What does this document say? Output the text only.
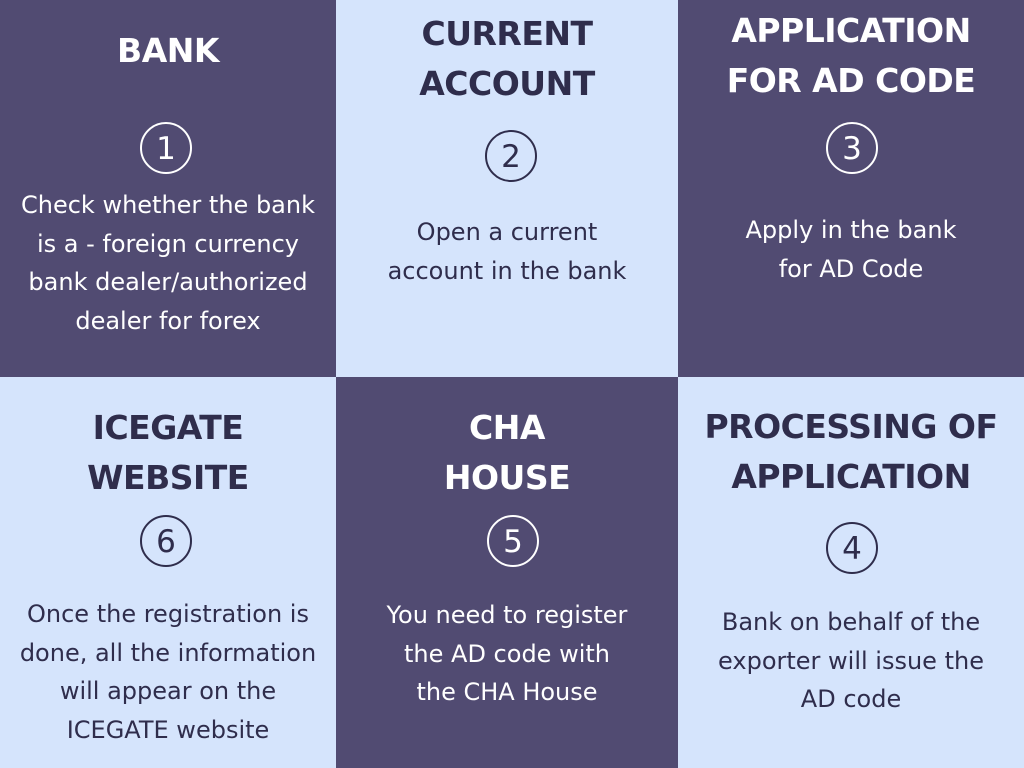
BANK
1
Check whether the bank
is a - foreign currency
bank dealer/authorized
dealer for forex
CURRENT
ACCOUNT
2
Open a current
account in the bank
APPLICATION
FOR AD CODE
3
Apply in the bank
for AD Code
ICEGATE
WEBSITE
6
Once the registration is
done, all the information
will appear on the
ICEGATE website
CHA
HOUSE
5
You need to register
the AD code with
the CHA House
PROCESSING OF
APPLICATION
4
Bank on behalf of the
exporter will issue the
AD code
